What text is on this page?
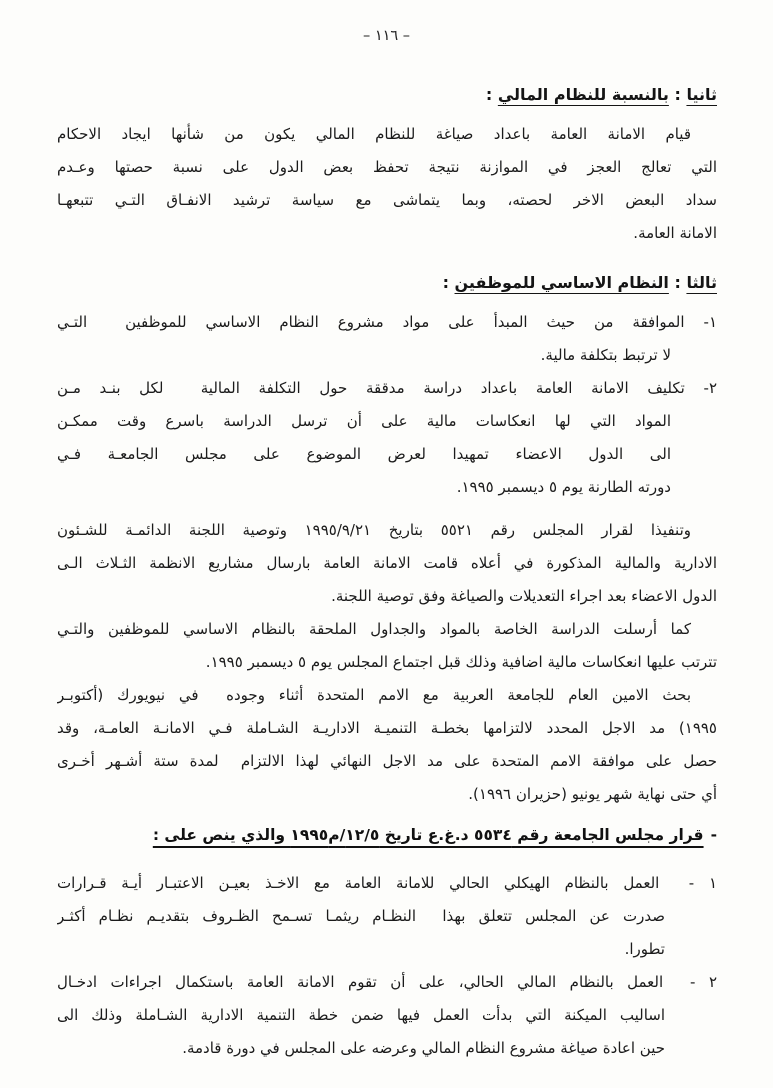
– ١١٦ –
ثانيا : بالنسبة للنظام المالي :
قيام الامانة العامة باعداد صياغة للنظام المالي يكون من شأنها ايجاد الاحكام
التي تعالج العجز في الموازنة نتيجة تحفظ بعض الدول على نسبة حصتها وعـدم
سداد البعض الاخر لحصته، وبما يتماشى مع سياسة ترشيد الانفـاق التـي تتبعهـا
الامانة العامة.
ثالثا : النظام الاساسي للموظفين :
١- الموافقة من حيث المبدأ على مواد مشروع النظام الاساسي للموظفين  التـي
لا ترتبط بتكلفة مالية.
٢- تكليف الامانة العامة باعداد دراسة مدققة حول التكلفة المالية  لكل بنـد مـن
المواد التي لها انعكاسات مالية على أن ترسل الدراسة باسرع وقت ممكـن
الى الدول الاعضاء تمهيدا لعرض الموضوع على مجلس الجامعـة فـي
دورته الطارنة يوم ٥ ديسمبر ١٩٩٥.
وتنفيذا لقرار المجلس رقم ٥٥٢١ بتاريخ ١٩٩٥/٩/٢١ وتوصية اللجنة الدائمـة للشـئون
الادارية والمالية المذكورة في أعلاه قامت الامانة العامة بارسال مشاريع الانظمة الثـلاث الـى
الدول الاعضاء بعد اجراء التعديلات والصياغة وفق توصية اللجنة.
كما أرسلت الدراسة الخاصة بالمواد والجداول الملحقة بالنظام الاساسي للموظفين والتـي
تترتب عليها انعكاسات مالية اضافية وذلك قبل اجتماع المجلس يوم ٥ ديسمبر ١٩٩٥.
بحث الامين العام للجامعة العربية مع الامم المتحدة أثناء وجوده  في نيويورك (أكتوبـر
١٩٩٥) مد الاجل المحدد لالتزامها بخطـة التنميـة الاداريـة الشـاملة فـي الامانـة العامـة، وقد
حصل على موافقة الامم المتحدة على مد الاجل النهائي لهذا الالتزام  لمدة ستة أشـهر أخـرى
أي حتى نهاية شهر يونيو (حزيران ١٩٩٦).
-قرار مجلس الجامعة رقم ٥٥٣٤ د.غ.ع تاريخ ١٢/٥/م١٩٩٥ والذي ينص على :
١ -  العمل بالنظام الهيكلي الحالي للامانة العامة مع الاخـذ بعيـن الاعتبـار أيـة قـرارات
صدرت عن المجلس تتعلق بهذا  النظـام ريثمـا تسـمح الظـروف بتقديـم نظـام أكثـر
تطورا.
٢ -  العمل بالنظام المالي الحالي، على أن تقوم الامانة العامة باستكمال اجراءات ادخـال
اساليب الميكنة التي بدأت العمل فيها ضمن خطة التنمية الادارية الشـاملة وذلك الى
حين اعادة صياغة مشروع النظام المالي وعرضه على المجلس في دورة قادمة.
